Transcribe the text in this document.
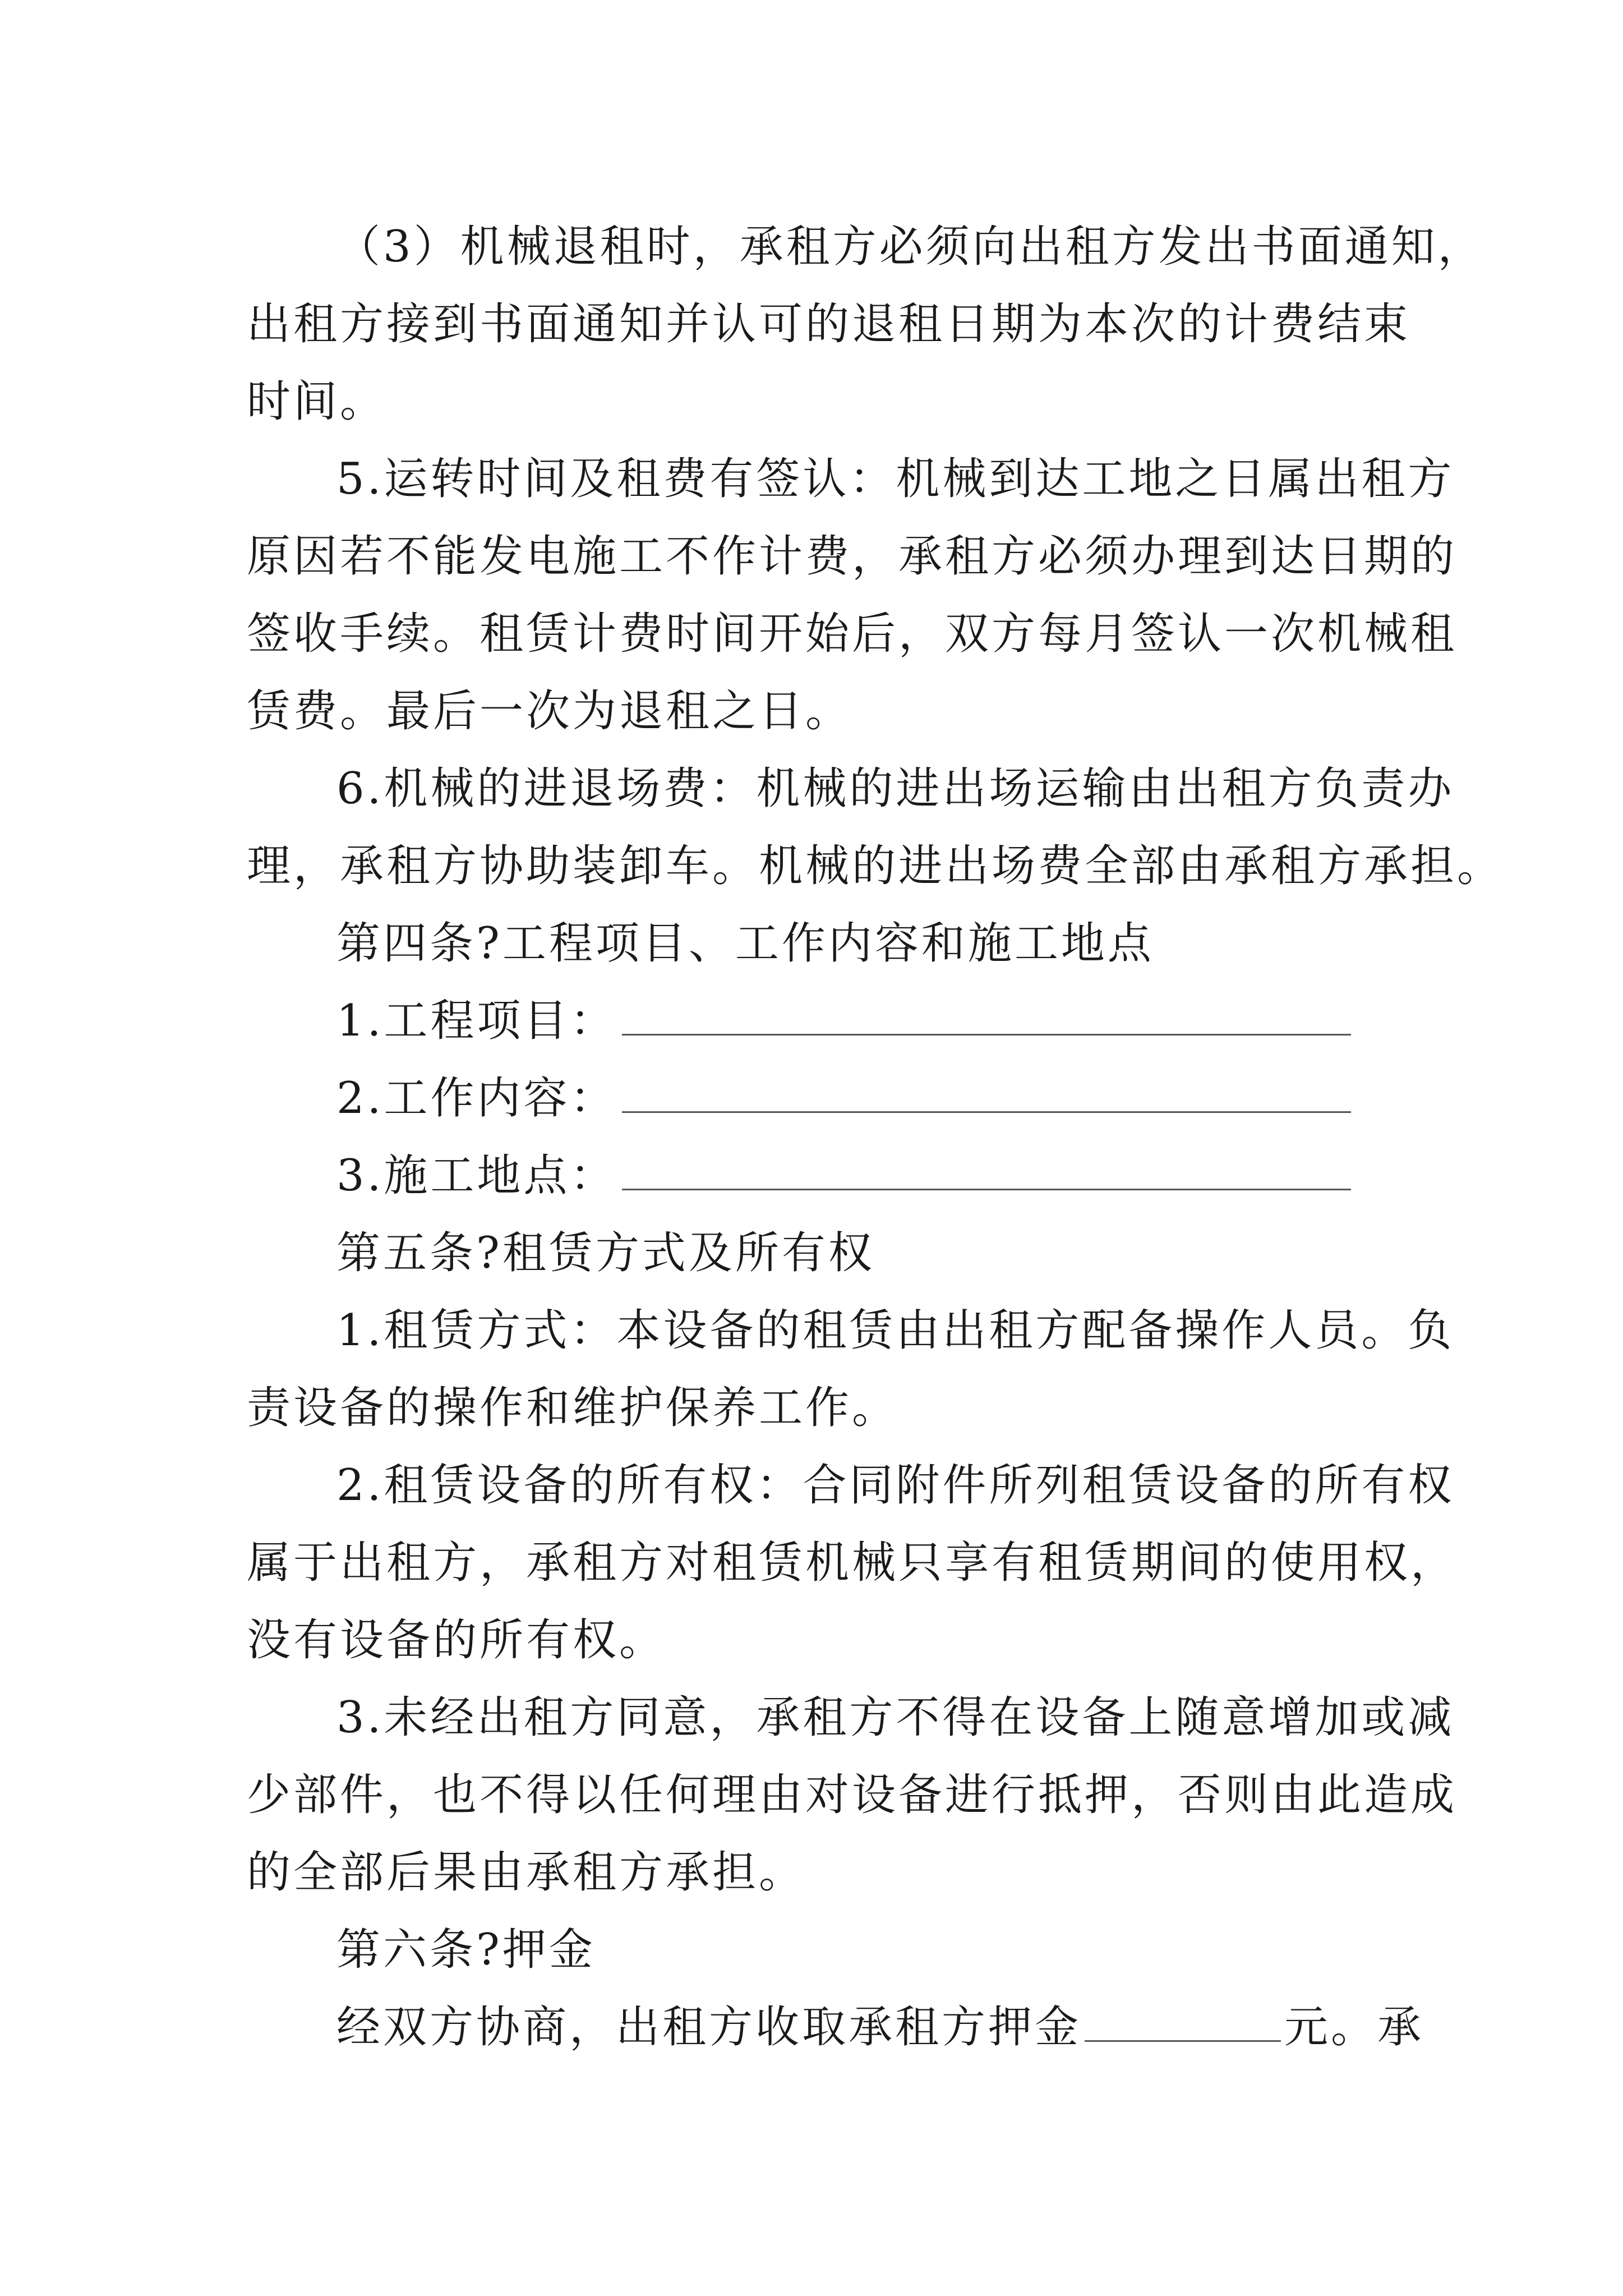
（3）机械退租时，承租方必须向出租方发出书面通知，
出租方接到书面通知并认可的退租日期为本次的计费结束
时间。
5.运转时间及租费有签认：机械到达工地之日属出租方
原因若不能发电施工不作计费，承租方必须办理到达日期的
签收手续。租赁计费时间开始后，双方每月签认一次机械租
赁费。最后一次为退租之日。
6.机械的进退场费：机械的进出场运输由出租方负责办
理，承租方协助装卸车。机械的进出场费全部由承租方承担。
第四条?工程项目、工作内容和施工地点
1.工程项目：
2.工作内容：
3.施工地点：
第五条?租赁方式及所有权
1.租赁方式：本设备的租赁由出租方配备操作人员。负
责设备的操作和维护保养工作。
2.租赁设备的所有权：合同附件所列租赁设备的所有权
属于出租方，承租方对租赁机械只享有租赁期间的使用权，
没有设备的所有权。
3.未经出租方同意，承租方不得在设备上随意增加或减
少部件，也不得以任何理由对设备进行抵押，否则由此造成
的全部后果由承租方承担。
第六条?押金
经双方协商，出租方收取承租方押金	元。承
